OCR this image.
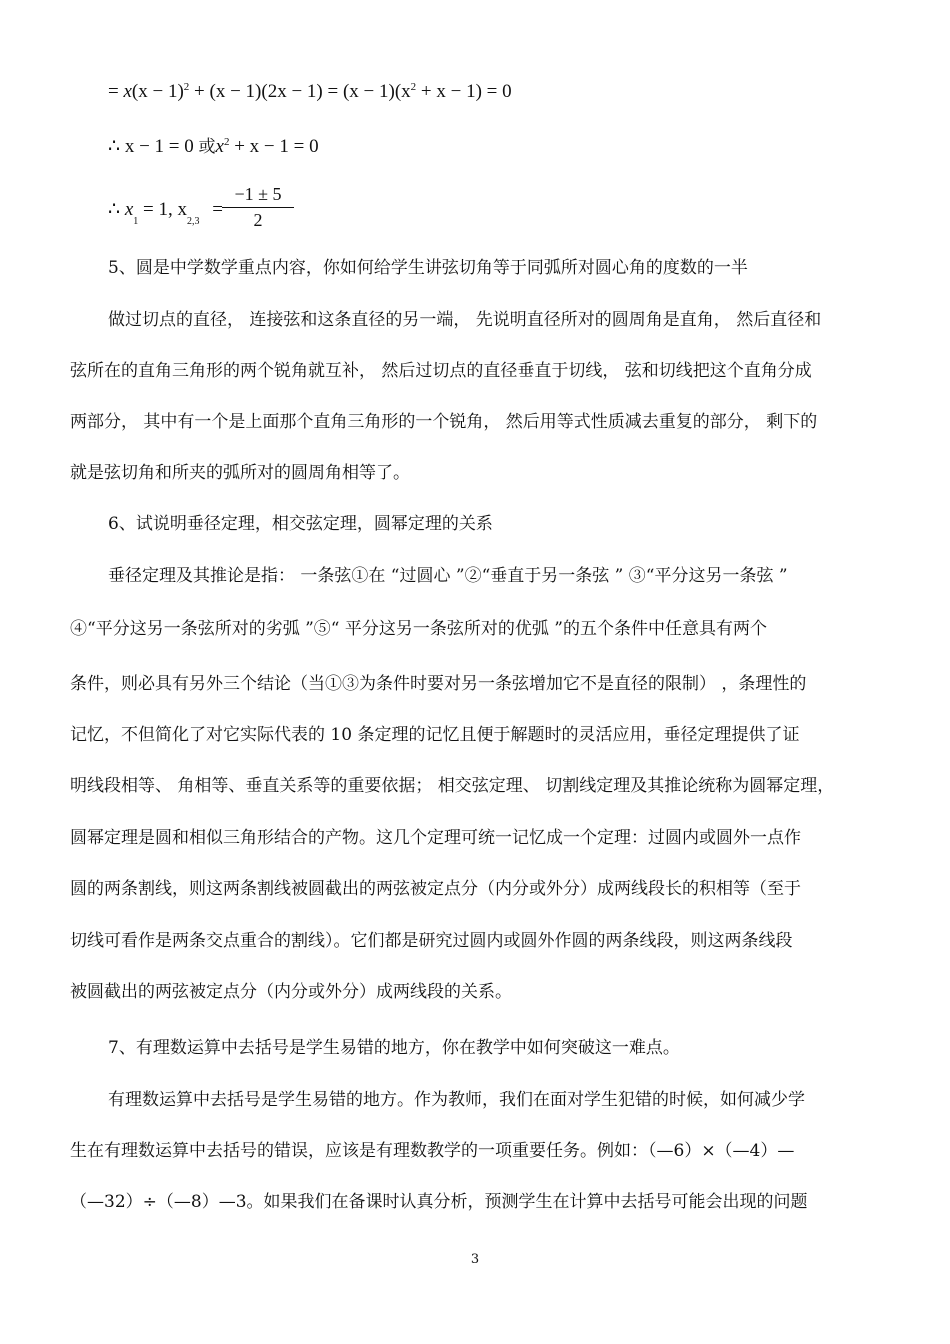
= $x(x - 1)^2 + (x - 1)(2x - 1) = (x - 1)(x^2 + x - 1) = 0$
∴ x − 1 = 0 或$x^2 + x - 1 = 0$
∴ $x_1 = 1$, $x_{2,3}$ =
−1 ± 5
2
5、圆是中学数学重点内容，你如何给学生讲弦切角等于同弧所对圆心角的度数的一半
做过切点的直径， 连接弦和这条直径的另一端， 先说明直径所对的圆周角是直角， 然后直径和
弦所在的直角三角形的两个锐角就互补， 然后过切点的直径垂直于切线， 弦和切线把这个直角分成
两部分， 其中有一个是上面那个直角三角形的一个锐角， 然后用等式性质减去重复的部分， 剩下的
就是弦切角和所夹的弧所对的圆周角相等了。
6、试说明垂径定理，相交弦定理，圆幂定理的关系
垂径定理及其推论是指： 一条弦①在 “过圆心 ”②“垂直于另一条弦 ” ③“平分这另一条弦 ”
④“平分这另一条弦所对的劣弧 ”⑤“ 平分这另一条弦所对的优弧 ”的五个条件中任意具有两个
条件，则必具有另外三个结论（当①③为条件时要对另一条弦增加它不是直径的限制） ，条理性的
记忆，不但简化了对它实际代表的 10 条定理的记忆且便于解题时的灵活应用，垂径定理提供了证
明线段相等、 角相等、垂直关系等的重要依据； 相交弦定理、 切割线定理及其推论统称为圆幂定理，
圆幂定理是圆和相似三角形结合的产物。这几个定理可统一记忆成一个定理：过圆内或圆外一点作
圆的两条割线，则这两条割线被圆截出的两弦被定点分（内分或外分）成两线段长的积相等（至于
切线可看作是两条交点重合的割线）。它们都是研究过圆内或圆外作圆的两条线段，则这两条线段
被圆截出的两弦被定点分（内分或外分）成两线段的关系。
7、有理数运算中去括号是学生易错的地方，你在教学中如何突破这一难点。
有理数运算中去括号是学生易错的地方。作为教师，我们在面对学生犯错的时候，如何减少学
生在有理数运算中去括号的错误，应该是有理数教学的一项重要任务。例如：（—6）×（—4）—
（—32）÷（—8）—3。如果我们在备课时认真分析，预测学生在计算中去括号可能会出现的问题
3
